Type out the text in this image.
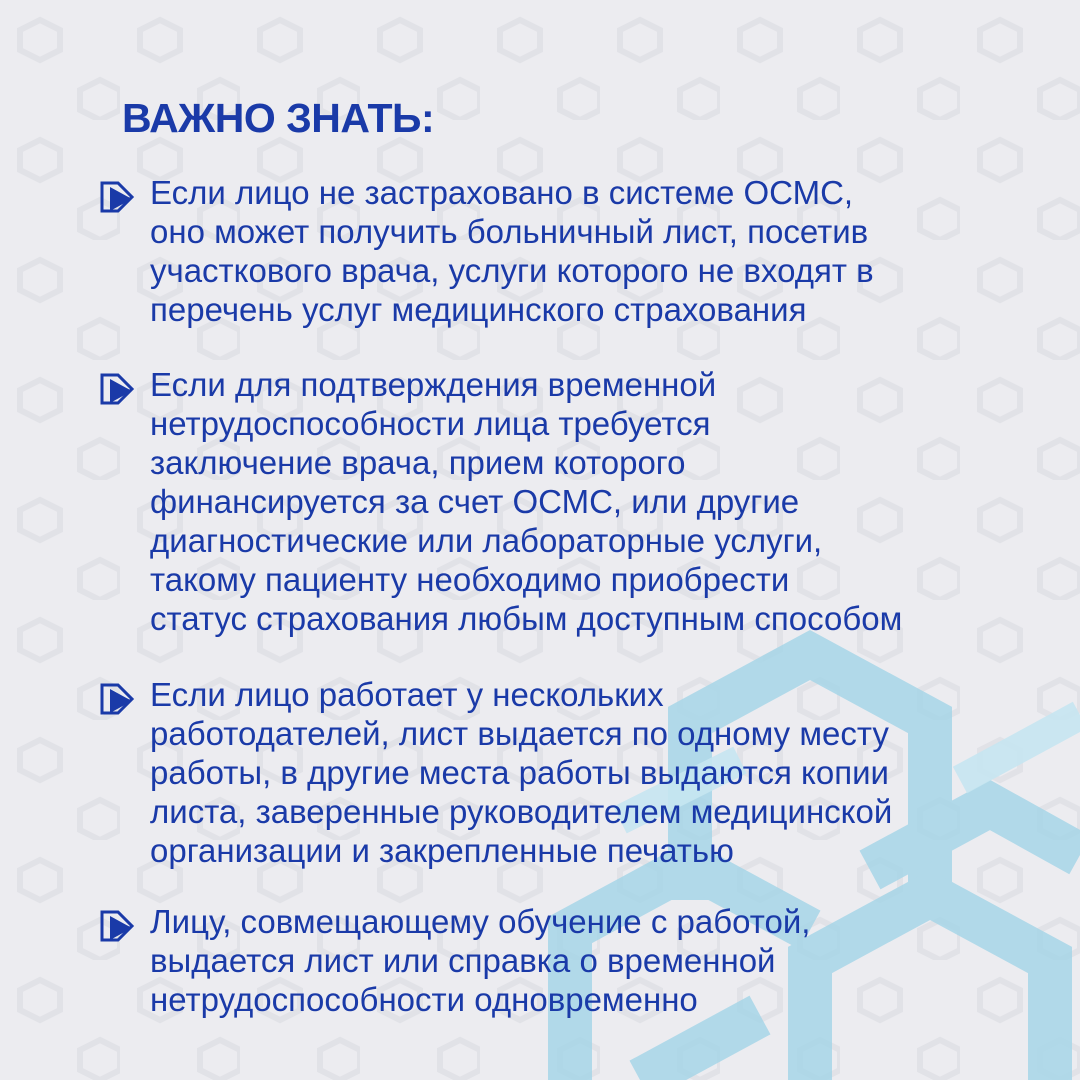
ВАЖНО ЗНАТЬ:
Если лицо не застраховано в системе ОСМС,
оно может получить больничный лист, посетив
участкового врача, услуги которого не входят в
перечень услуг медицинского страхования
Если для подтверждения временной
нетрудоспособности лица требуется
заключение врача, прием которого
финансируется за счет ОСМС, или другие
диагностические или лабораторные услуги,
такому пациенту необходимо приобрести
статус страхования любым доступным способом
Если лицо работает у нескольких
работодателей, лист выдается по одному месту
работы, в другие места работы выдаются копии
листа, заверенные руководителем медицинской
организации и закрепленные печатью
Лицу, совмещающему обучение с работой,
выдается лист или справка о временной
нетрудоспособности одновременно
